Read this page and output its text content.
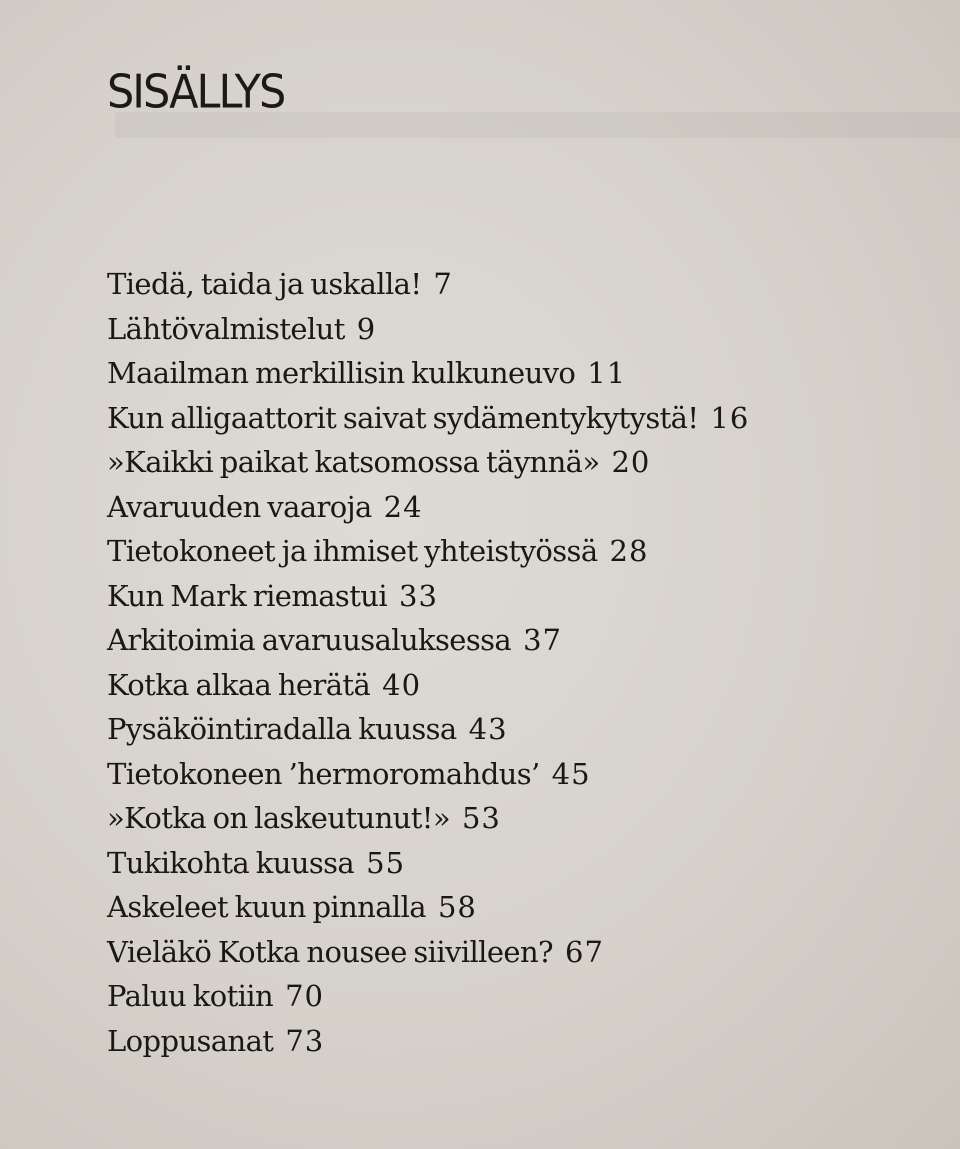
SISÄLLYS
Tiedä, taida ja uskalla! 7
Lähtövalmistelut 9
Maailman merkillisin kulkuneuvo 11
Kun alligaattorit saivat sydämentykytystä! 16
»Kaikki paikat katsomossa täynnä» 20
Avaruuden vaaroja 24
Tietokoneet ja ihmiset yhteistyössä 28
Kun Mark riemastui 33
Arkitoimia avaruusaluksessa 37
Kotka alkaa herätä 40
Pysäköintiradalla kuussa 43
Tietokoneen ’hermoromahdus’ 45
»Kotka on laskeutunut!» 53
Tukikohta kuussa 55
Askeleet kuun pinnalla 58
Vieläkö Kotka nousee siivilleen? 67
Paluu kotiin 70
Loppusanat 73
